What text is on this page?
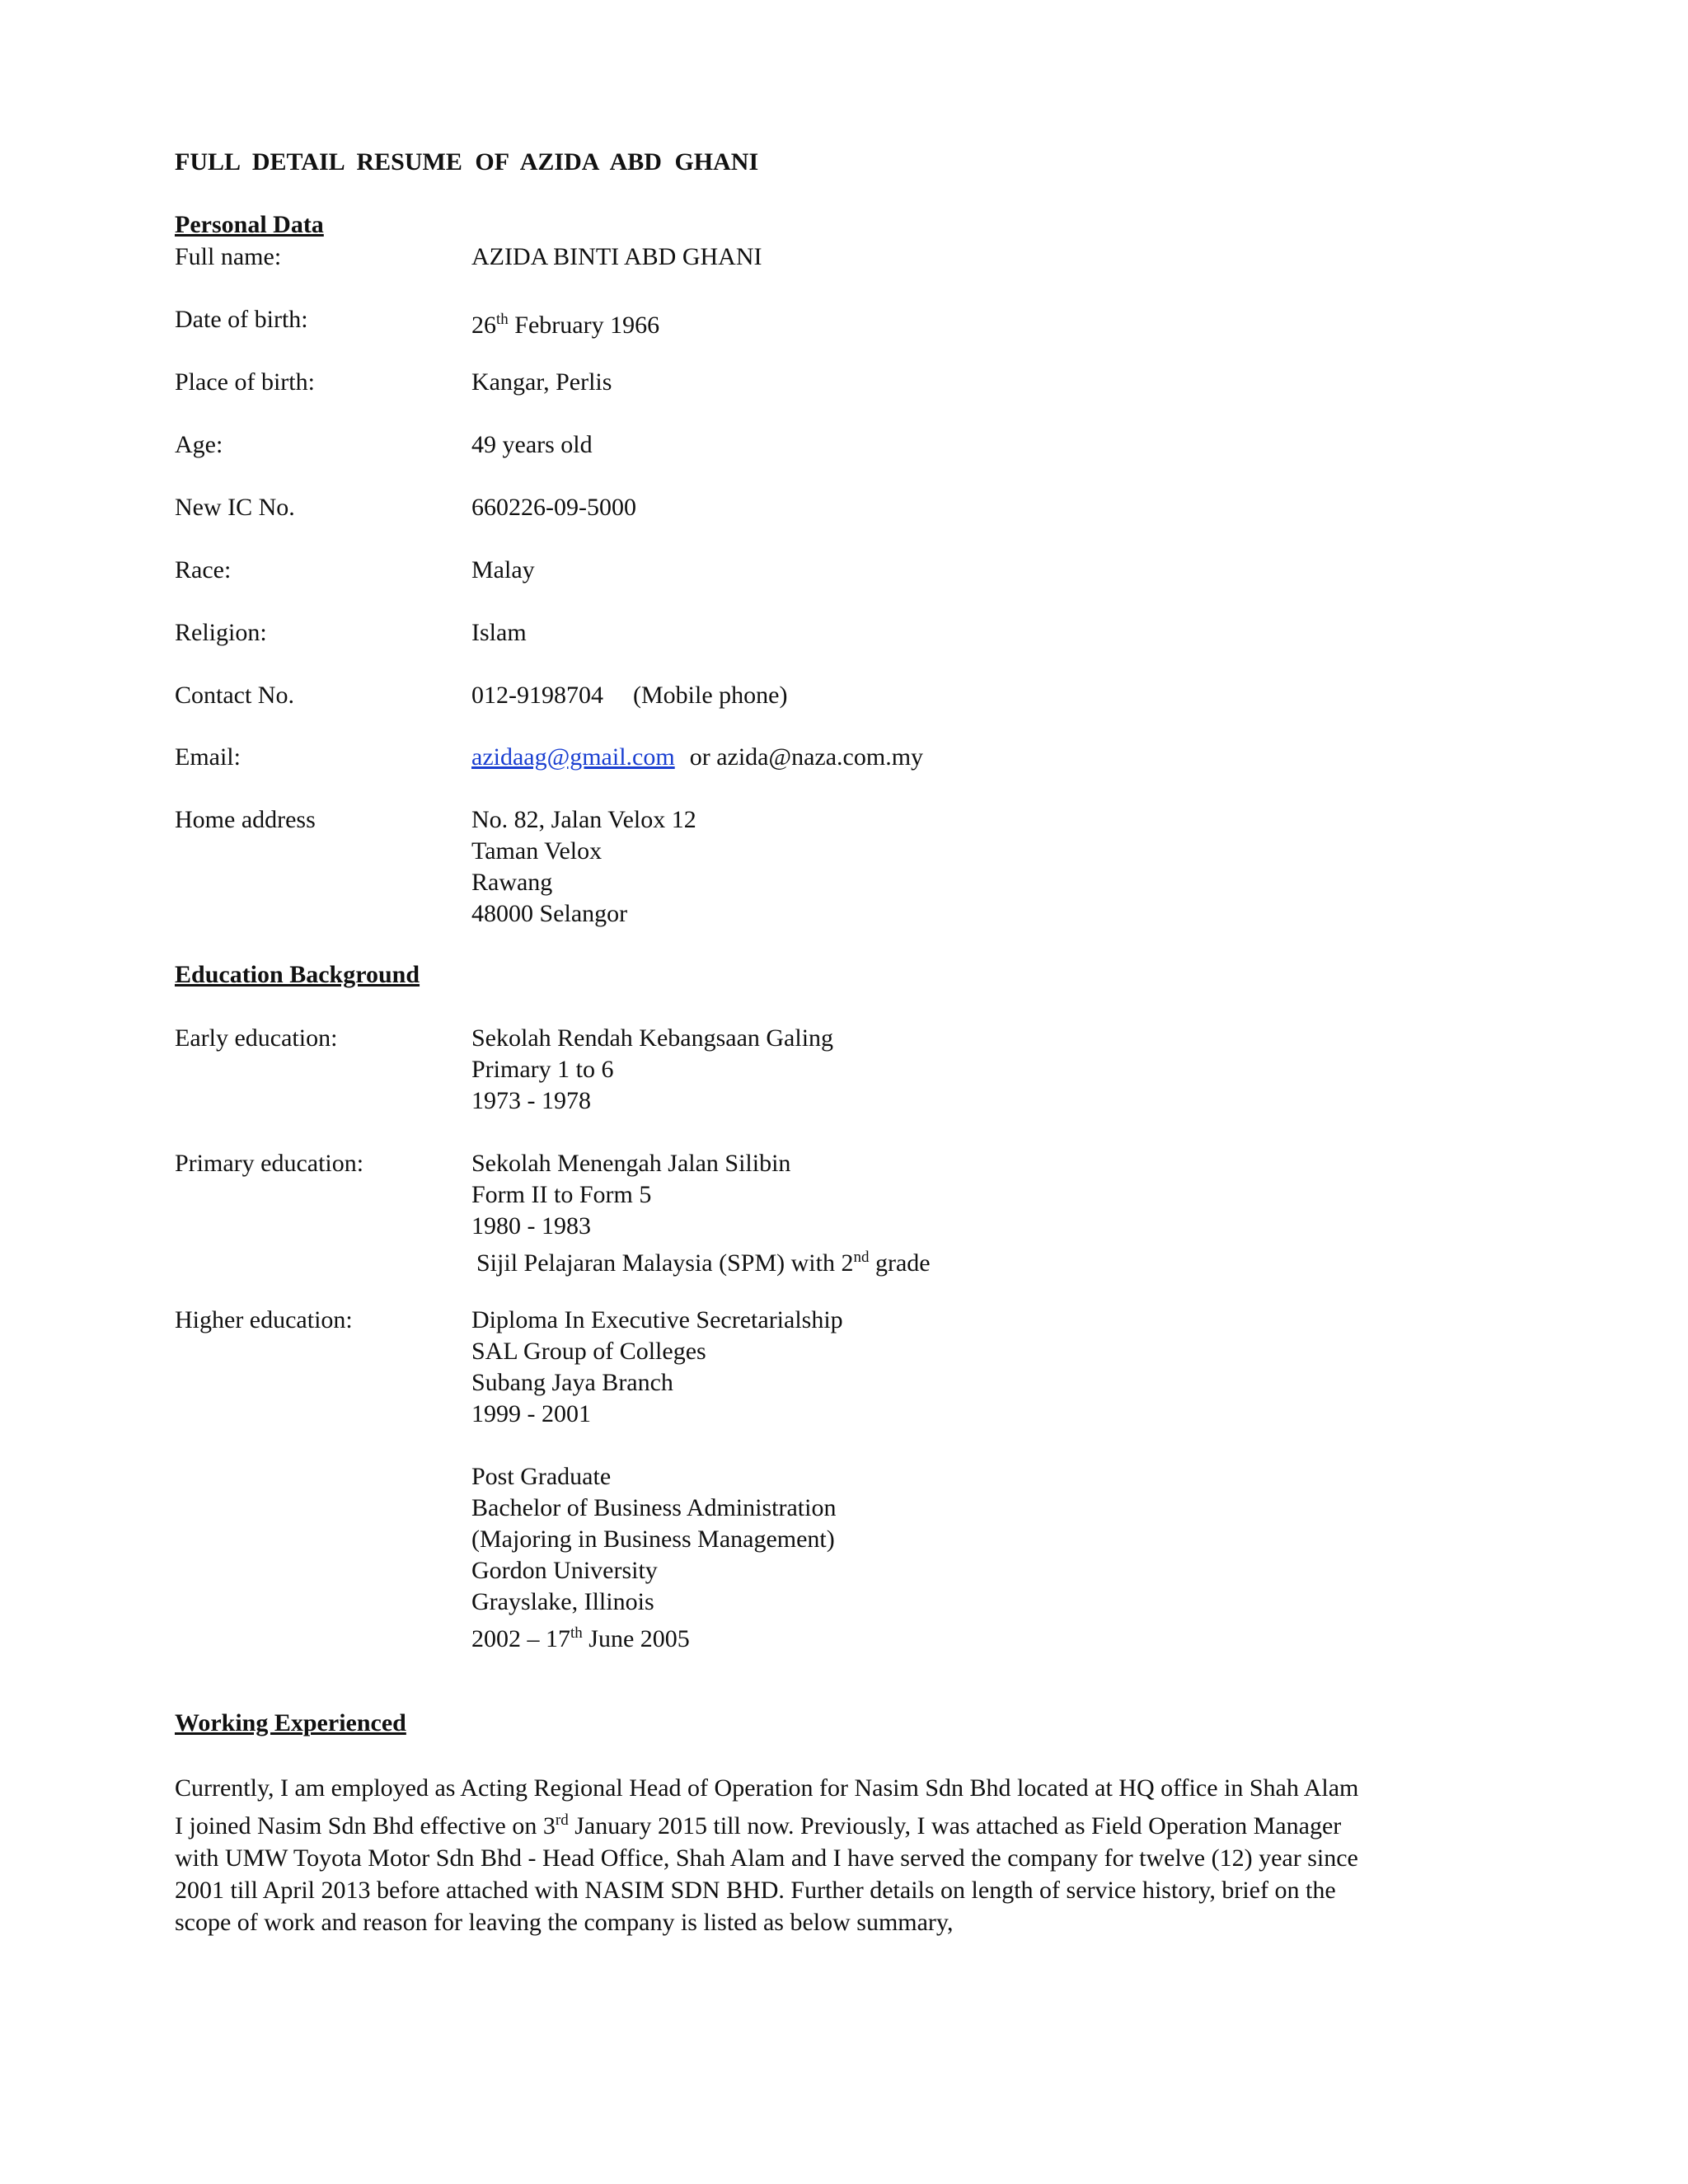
FULL DETAIL RESUME OF AZIDA ABD GHANI
Personal Data
Full name:	AZIDA BINTI ABD GHANI
Date of birth:	26th February 1966
Place of birth:	Kangar, Perlis
Age:	49 years old
New IC No.	660226-09-5000
Race:	Malay
Religion:	Islam
Contact No.	012-9198704 (Mobile phone)
Email:	azidaag@gmail.com or azida@naza.com.my
Home address	No. 82, Jalan Velox 12
Taman Velox
Rawang
48000 Selangor
Education Background
Early education:	Sekolah Rendah Kebangsaan Galing
Primary 1 to 6
1973 - 1978
Primary education:	Sekolah Menengah Jalan Silibin
Form II to Form 5
1980 - 1983
Sijil Pelajaran Malaysia (SPM) with 2nd grade
Higher education:	Diploma In Executive Secretarialship
SAL Group of Colleges
Subang Jaya Branch
1999 - 2001
Post Graduate
Bachelor of Business Administration
(Majoring in Business Management)
Gordon University
Grayslake, Illinois
2002 – 17th June 2005
Working Experienced
Currently, I am employed as Acting Regional Head of Operation for Nasim Sdn Bhd located at HQ office in Shah Alam
I joined Nasim Sdn Bhd effective on 3rd January 2015 till now. Previously, I was attached as Field Operation Manager
with UMW Toyota Motor Sdn Bhd - Head Office, Shah Alam and I have served the company for twelve (12) year since
2001 till April 2013 before attached with NASIM SDN BHD. Further details on length of service history, brief on the
scope of work and reason for leaving the company is listed as below summary,
